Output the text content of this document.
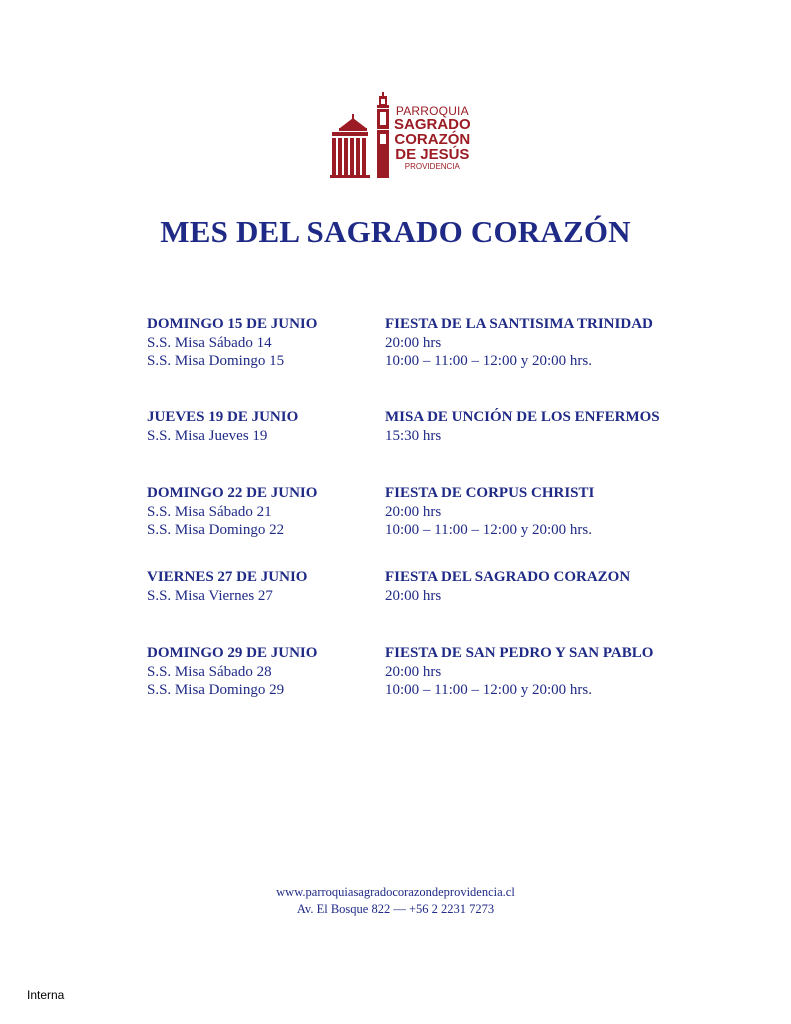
PARROQUIA
SAGRADO
CORAZÓN
DE JESÚS
PROVIDENCIA
MES DEL SAGRADO CORAZÓN
DOMINGO 15 DE JUNIO	FIESTA DE LA SANTISIMA TRINIDAD
S.S. Misa Sábado 14	20:00 hrs
S.S. Misa Domingo 15	10:00 – 11:00 – 12:00 y 20:00 hrs.
JUEVES 19 DE JUNIO	MISA DE UNCIÓN DE LOS ENFERMOS
S.S. Misa Jueves 19	15:30 hrs
DOMINGO 22 DE JUNIO	FIESTA DE CORPUS CHRISTI
S.S. Misa Sábado 21	20:00 hrs
S.S. Misa Domingo 22	10:00 – 11:00 – 12:00 y 20:00 hrs.
VIERNES 27 DE JUNIO	FIESTA DEL SAGRADO CORAZON
S.S. Misa Viernes 27	20:00 hrs
DOMINGO 29 DE JUNIO	FIESTA DE SAN PEDRO Y SAN PABLO
S.S. Misa Sábado 28	20:00 hrs
S.S. Misa Domingo 29	10:00 – 11:00 – 12:00 y 20:00 hrs.
www.parroquiasagradocorazondeprovidencia.cl
Av. El Bosque 822 — +56 2 2231 7273
Interna
